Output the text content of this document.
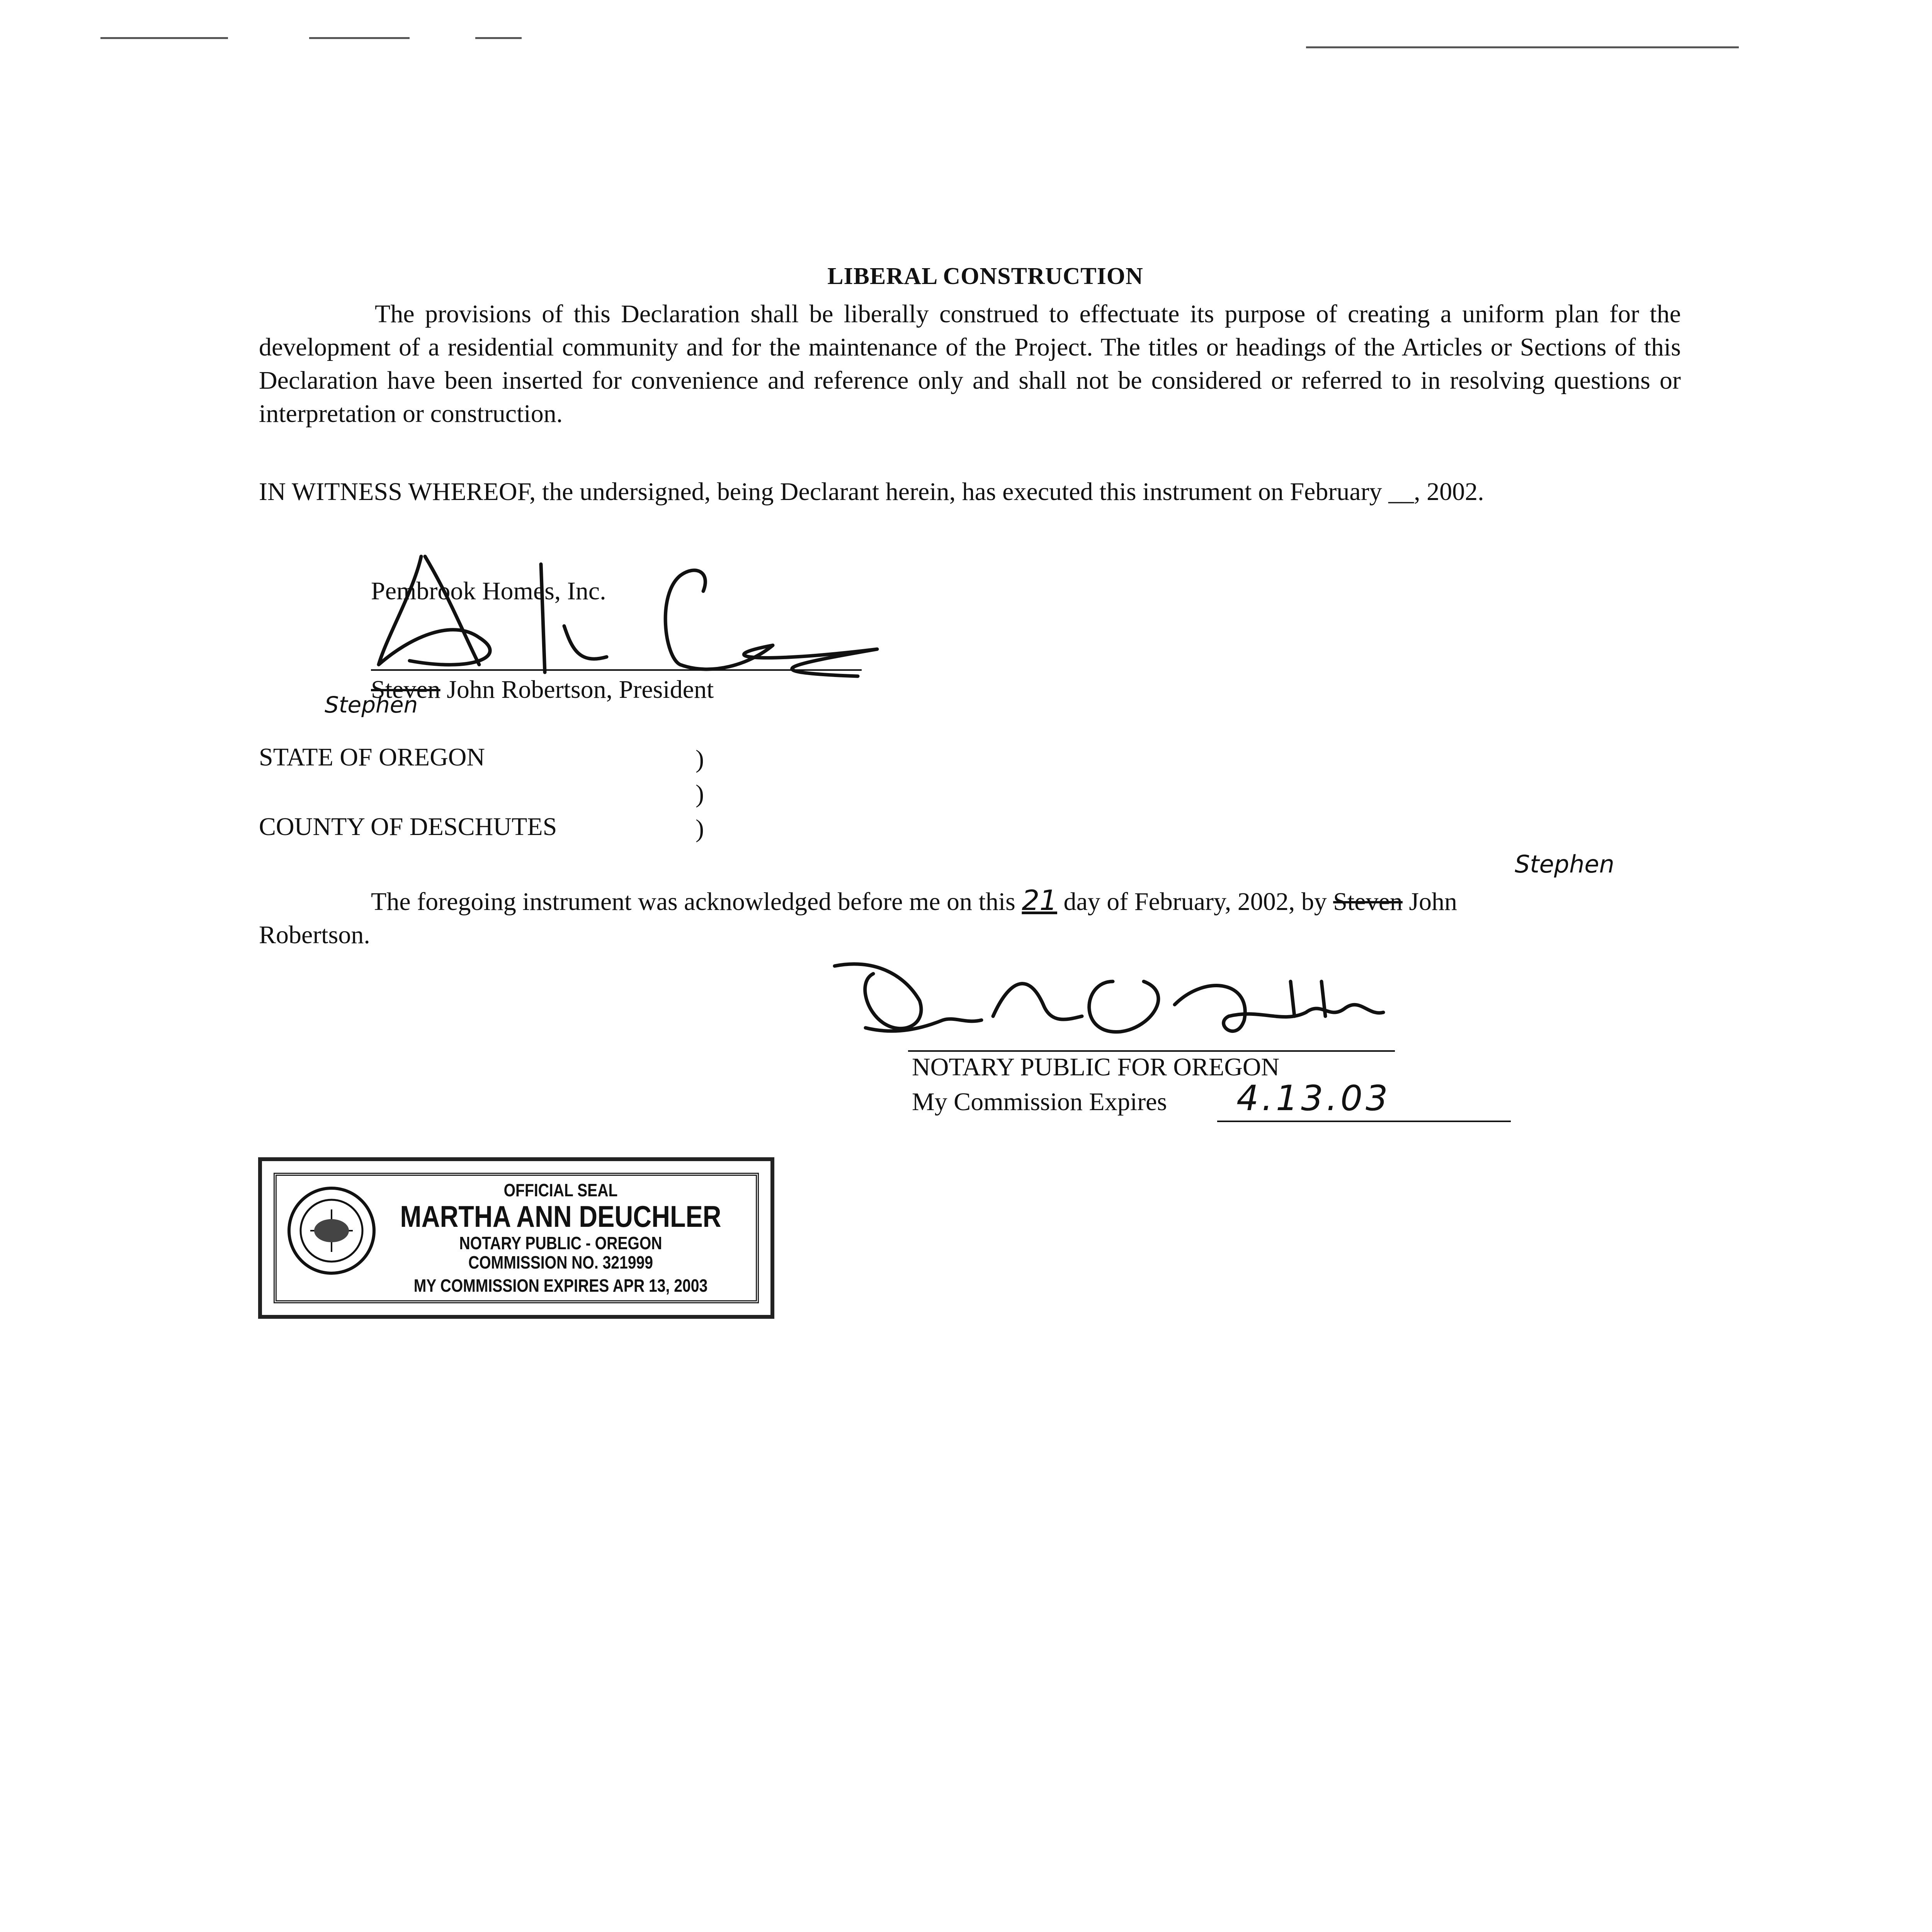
LIBERAL CONSTRUCTION

The provisions of this Declaration shall be liberally construed to effectuate its purpose of creating a uniform plan for the development of a residential community and for the maintenance of the Project. The titles or headings of the Articles or Sections of this Declaration have been inserted for convenience and reference only and shall not be considered or referred to in resolving questions or interpretation or construction.

IN WITNESS WHEREOF, the undersigned, being Declarant herein, has executed this instrument on February __, 2002.

Pembrook Homes, Inc.
Steven John Robertson, President
Stephen
STATE OF OREGON
COUNTY OF DESCHUTES
)
)
)
Stephen
The foregoing instrument was acknowledged before me on this 21 day of February, 2002, by Steven John
Robertson.
NOTARY PUBLIC FOR OREGON
My Commission Expires 4.13.03
OFFICIAL SEAL
MARTHA ANN DEUCHLER
NOTARY PUBLIC - OREGON
COMMISSION NO. 321999
MY COMMISSION EXPIRES APR 13, 2003
